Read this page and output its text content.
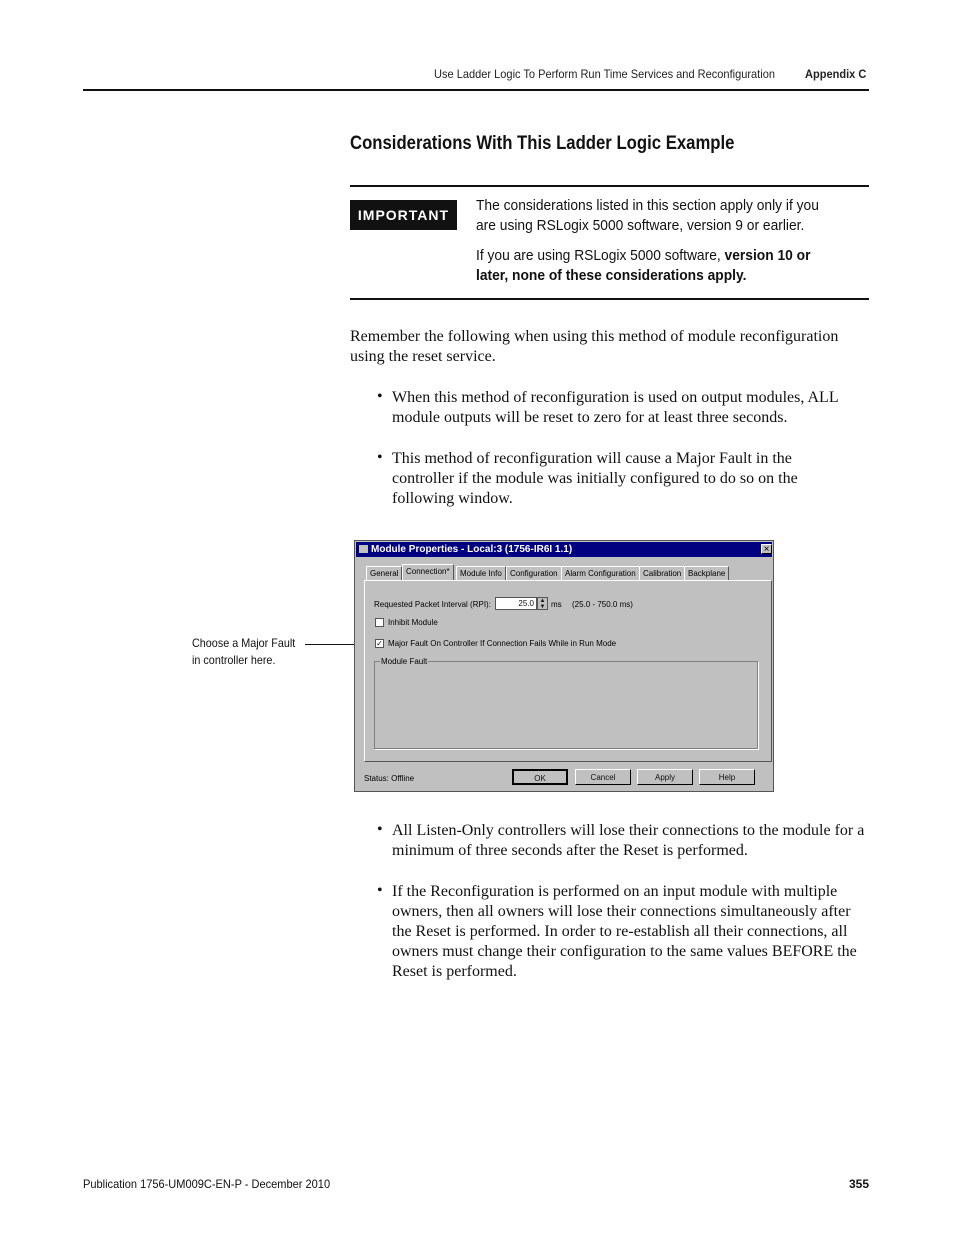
Use Ladder Logic To Perform Run Time Services and Reconfiguration	Appendix C
Considerations With This Ladder Logic Example
IMPORTANT
The considerations listed in this section apply only if you are using RSLogix 5000 software, version 9 or earlier.
If you are using RSLogix 5000 software, version 10 or later, none of these considerations apply.
Remember the following when using this method of module reconfiguration using the reset service.
• When this method of reconfiguration is used on output modules, ALL module outputs will be reset to zero for at least three seconds.
• This method of reconfiguration will cause a Major Fault in the controller if the module was initially configured to do so on the following window.
Choose a Major Fault
in controller here.
Module Properties - Local:3 (1756-IR6I 1.1)	×
General Connection*	Module Info	Configuration Alarm Configuration Calibration Backplane
Requested Packet Interval (RPI):	25.0 ▲
▼ ms (25.0 - 750.0 ms)
Inhibit Module
✓ Major Fault On Controller If Connection Fails While in Run Mode
Module Fault
Status: Offline	OK	Cancel	Apply	Help
• All Listen-Only controllers will lose their connections to the module for a minimum of three seconds after the Reset is performed.
• If the Reconfiguration is performed on an input module with multiple owners, then all owners will lose their connections simultaneously after the Reset is performed. In order to re-establish all their connections, all owners must change their configuration to the same values BEFORE the Reset is performed.
Publication 1756-UM009C-EN-P - December 2010	355
